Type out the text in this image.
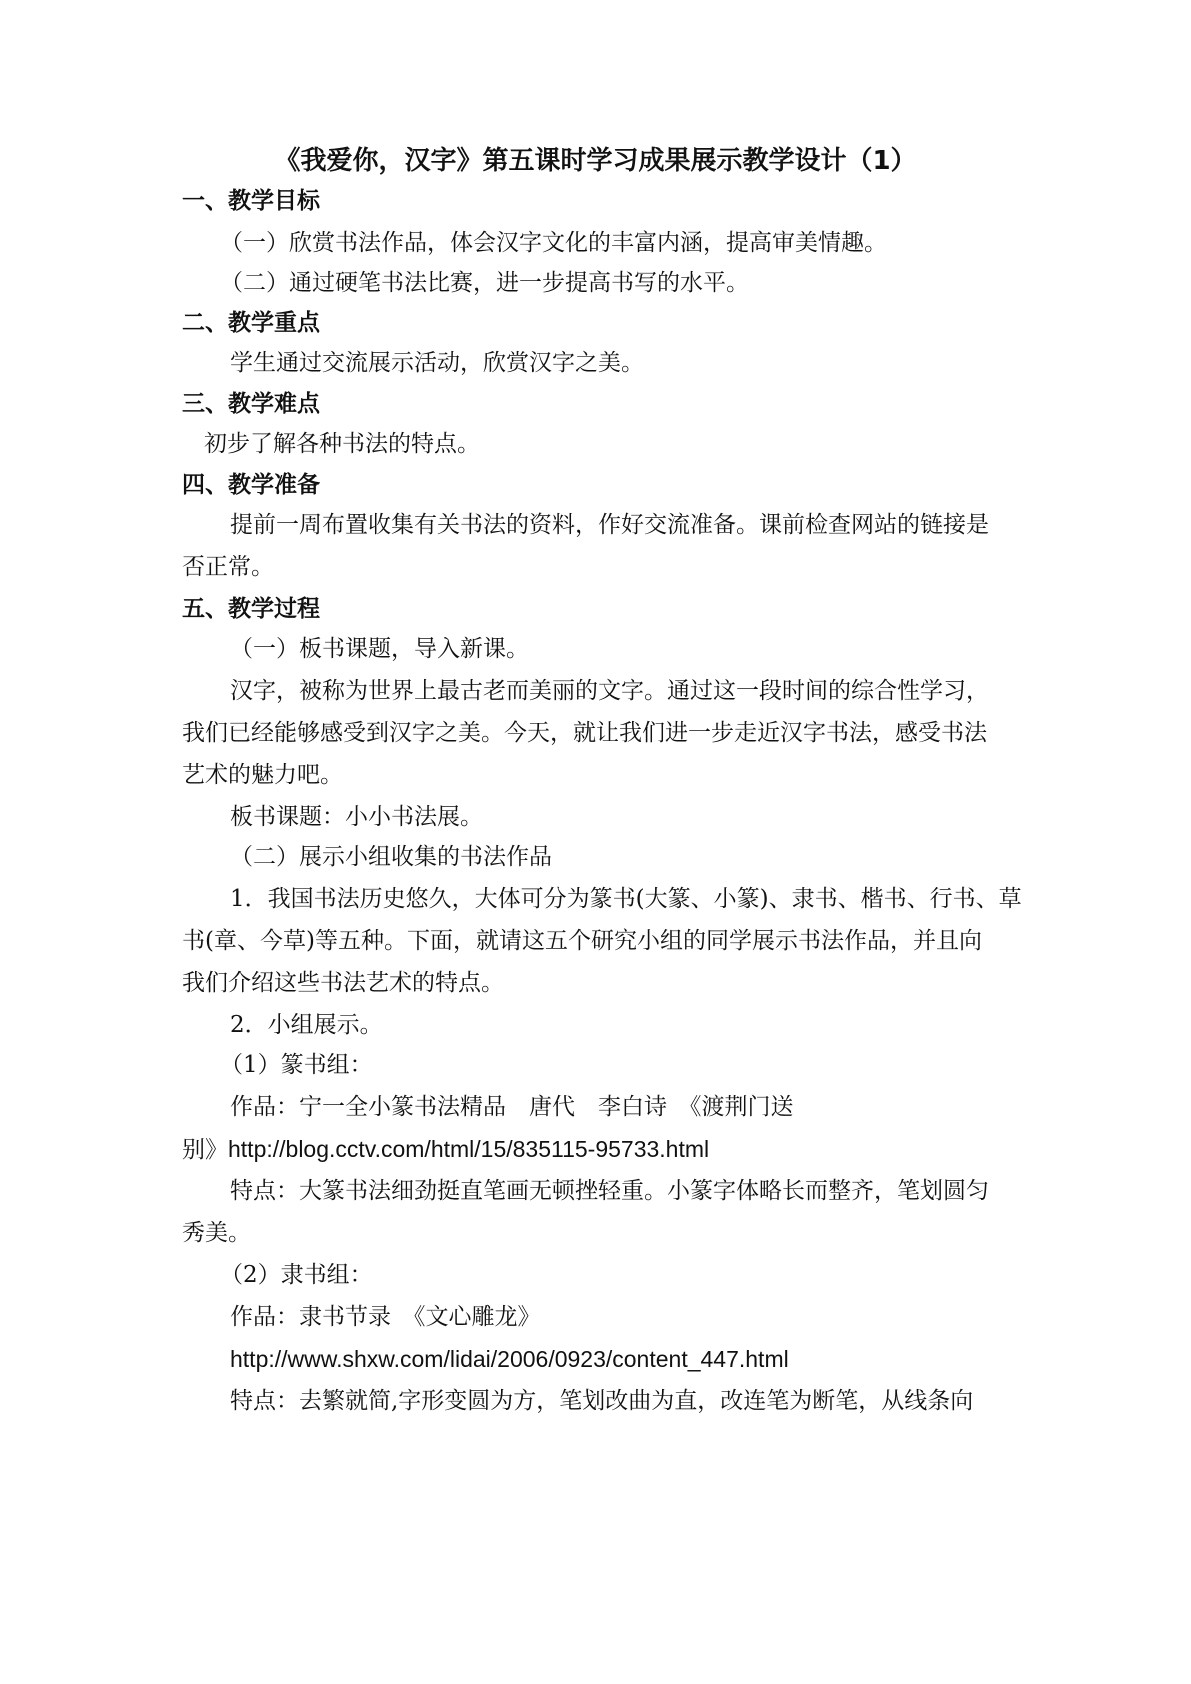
《我爱你，汉字》第五课时学习成果展示教学设计（1）
一、教学目标
（一）欣赏书法作品，体会汉字文化的丰富内涵，提高审美情趣。
（二）通过硬笔书法比赛，进一步提高书写的水平。
二、教学重点
学生通过交流展示活动，欣赏汉字之美。
三、教学难点
初步了解各种书法的特点。
四、教学准备
提前一周布置收集有关书法的资料，作好交流准备。课前检查网站的链接是
否正常。
五、教学过程
（一）板书课题，导入新课。
汉字，被称为世界上最古老而美丽的文字。通过这一段时间的综合性学习，
我们已经能够感受到汉字之美。今天，就让我们进一步走近汉字书法，感受书法
艺术的魅力吧。
板书课题：小小书法展。
（二）展示小组收集的书法作品
1．我国书法历史悠久，大体可分为篆书(大篆、小篆)、隶书、楷书、行书、草
书(章、今草)等五种。下面，就请这五个研究小组的同学展示书法作品，并且向
我们介绍这些书法艺术的特点。
2．小组展示。
（1）篆书组：
作品：宁一全小篆书法精品　唐代　李白诗　《渡荆门送
别》http://blog.cctv.com/html/15/835115-95733.html
特点：大篆书法细劲挺直笔画无顿挫轻重。小篆字体略长而整齐，笔划圆匀
秀美。
（2）隶书组：
作品：隶书节录　《文心雕龙》
http://www.shxw.com/lidai/2006/0923/content_447.html
特点：去繁就简,字形变圆为方，笔划改曲为直，改连笔为断笔，从线条向
